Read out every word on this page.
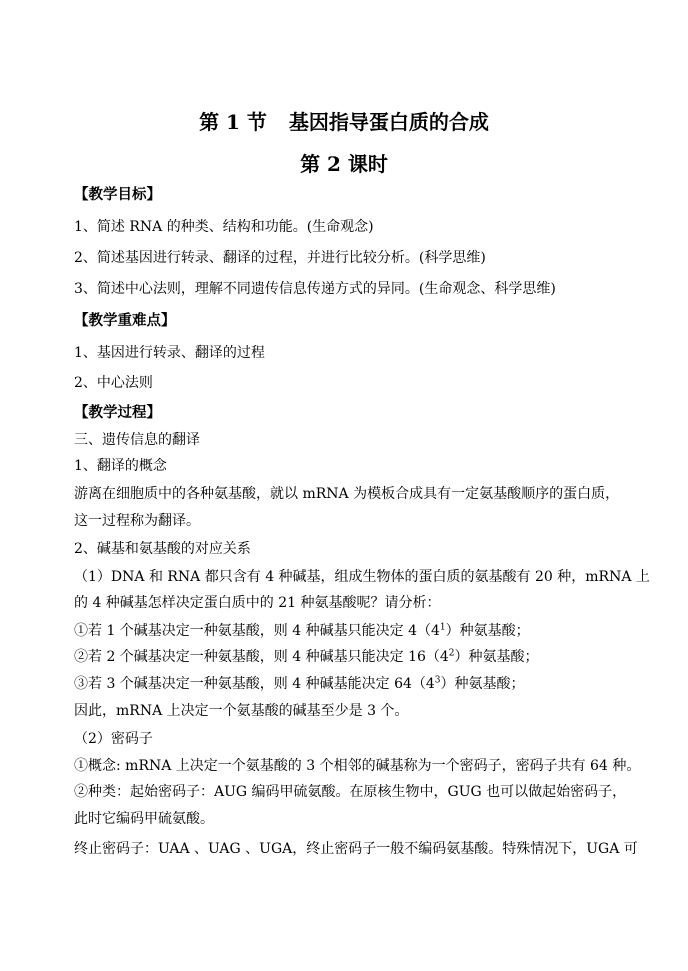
第 1 节 基因指导蛋白质的合成
第 2 课时
【教学目标】
1、简述 RNA 的种类、结构和功能。(生命观念)
2、简述基因进行转录、翻译的过程，并进行比较分析。(科学思维)
3、简述中心法则，理解不同遗传信息传递方式的异同。(生命观念、科学思维)
【教学重难点】
1、基因进行转录、翻译的过程
2、中心法则
【教学过程】
三、遗传信息的翻译
1、翻译的概念
游离在细胞质中的各种氨基酸，就以 mRNA 为模板合成具有一定氨基酸顺序的蛋白质，
这一过程称为翻译。
2、碱基和氨基酸的对应关系
（1）DNA 和 RNA 都只含有 4 种碱基，组成生物体的蛋白质的氨基酸有 20 种，mRNA 上
的 4 种碱基怎样决定蛋白质中的 21 种氨基酸呢？请分析：
①若 1 个碱基决定一种氨基酸，则 4 种碱基只能决定 $4(4^1)$种氨基酸；
②若 2 个碱基决定一种氨基酸，则 4 种碱基只能决定 $16(4^2)$种氨基酸；
③若 3 个碱基决定一种氨基酸，则 4 种碱基能决定 $64(4^3)$种氨基酸；
因此，mRNA 上决定一个氨基酸的碱基至少是 3 个。
（2）密码子
①概念: mRNA 上决定一个氨基酸的 3 个相邻的碱基称为一个密码子，密码子共有 64 种。
②种类：起始密码子：AUG 编码甲硫氨酸。在原核生物中，GUG 也可以做起始密码子，
此时它编码甲硫氨酸。
终止密码子：UAA 、UAG 、UGA，终止密码子一般不编码氨基酸。特殊情况下，UGA 可
